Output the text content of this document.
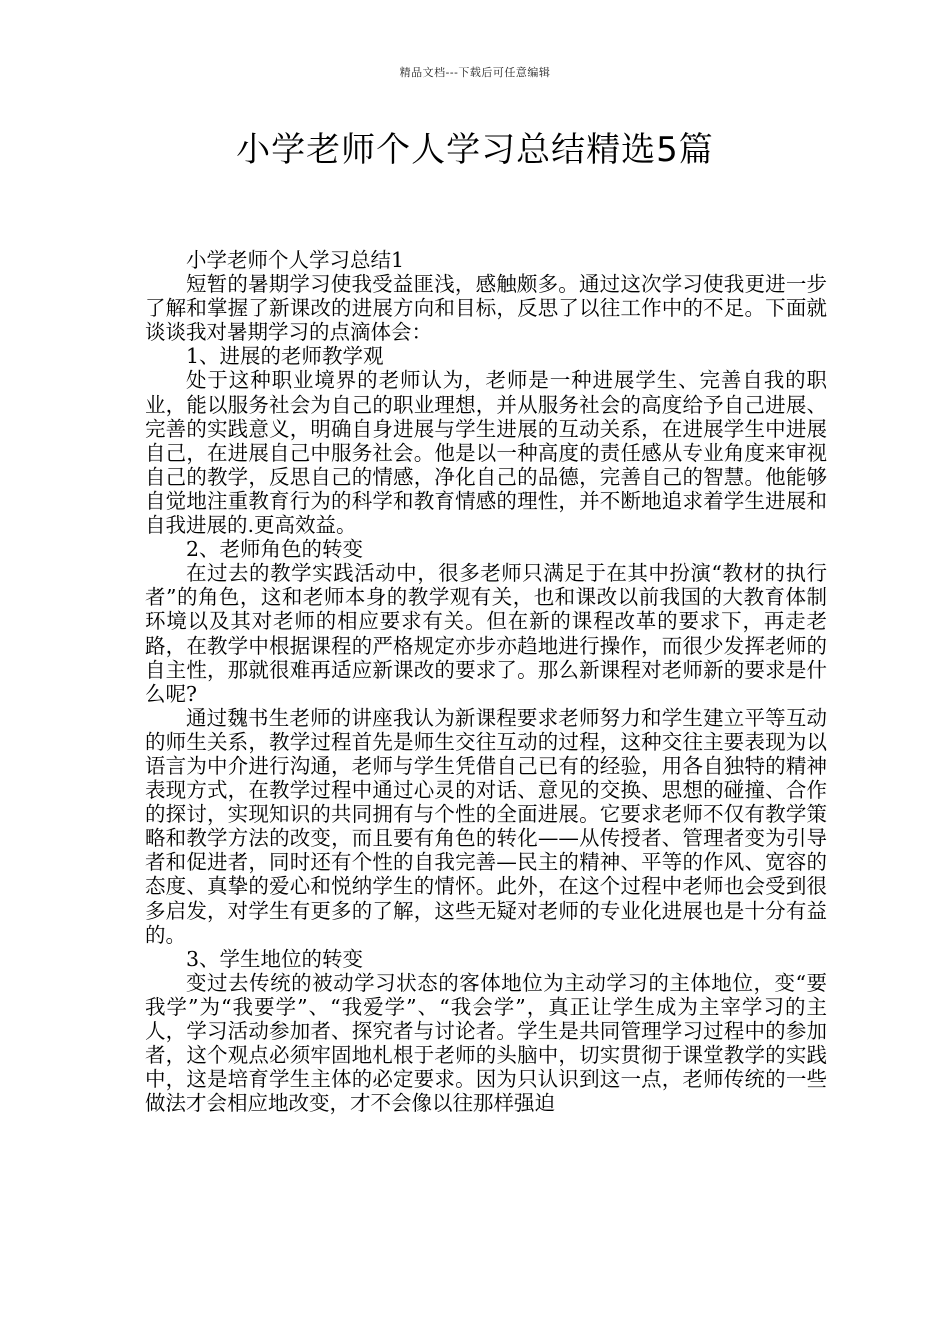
精品文档---下载后可任意编辑
小学老师个人学习总结精选5篇

小学老师个人学习总结1

短暂的暑期学习使我受益匪浅，感触颇多。通过这次学习使我更进一步了解和掌握了新课改的进展方向和目标，反思了以往工作中的不足。下面就谈谈我对暑期学习的点滴体会：

1、进展的老师教学观

处于这种职业境界的老师认为，老师是一种进展学生、完善自我的职业，能以服务社会为自己的职业理想，并从服务社会的高度给予自己进展、完善的实践意义，明确自身进展与学生进展的互动关系，在进展学生中进展自己，在进展自己中服务社会。他是以一种高度的责任感从专业角度来审视自己的教学，反思自己的情感，净化自己的品德，完善自己的智慧。他能够自觉地注重教育行为的科学和教育情感的理性，并不断地追求着学生进展和自我进展的.更高效益。

2、老师角色的转变

在过去的教学实践活动中，很多老师只满足于在其中扮演“教材的执行者”的角色，这和老师本身的教学观有关，也和课改以前我国的大教育体制环境以及其对老师的相应要求有关。但在新的课程改革的要求下，再走老路，在教学中根据课程的严格规定亦步亦趋地进行操作，而很少发挥老师的自主性，那就很难再适应新课改的要求了。那么新课程对老师新的要求是什么呢?

通过魏书生老师的讲座我认为新课程要求老师努力和学生建立平等互动的师生关系，教学过程首先是师生交往互动的过程，这种交往主要表现为以语言为中介进行沟通，老师与学生凭借自己已有的经验，用各自独特的精神表现方式，在教学过程中通过心灵的对话、意见的交换、思想的碰撞、合作的探讨，实现知识的共同拥有与个性的全面进展。它要求老师不仅有教学策略和教学方法的改变，而且要有角色的转化——从传授者、管理者变为引导者和促进者，同时还有个性的自我完善—民主的精神、平等的作风、宽容的态度、真挚的爱心和悦纳学生的情怀。此外，在这个过程中老师也会受到很多启发，对学生有更多的了解，这些无疑对老师的专业化进展也是十分有益的。

3、学生地位的转变

变过去传统的被动学习状态的客体地位为主动学习的主体地位，变“要我学”为“我要学”、“我爱学”、“我会学”，真正让学生成为主宰学习的主人，学习活动参加者、探究者与讨论者。学生是共同管理学习过程中的参加者，这个观点必须牢固地札根于老师的头脑中，切实贯彻于课堂教学的实践中，这是培育学生主体的必定要求。因为只认识到这一点，老师传统的一些做法才会相应地改变，才不会像以往那样强迫
